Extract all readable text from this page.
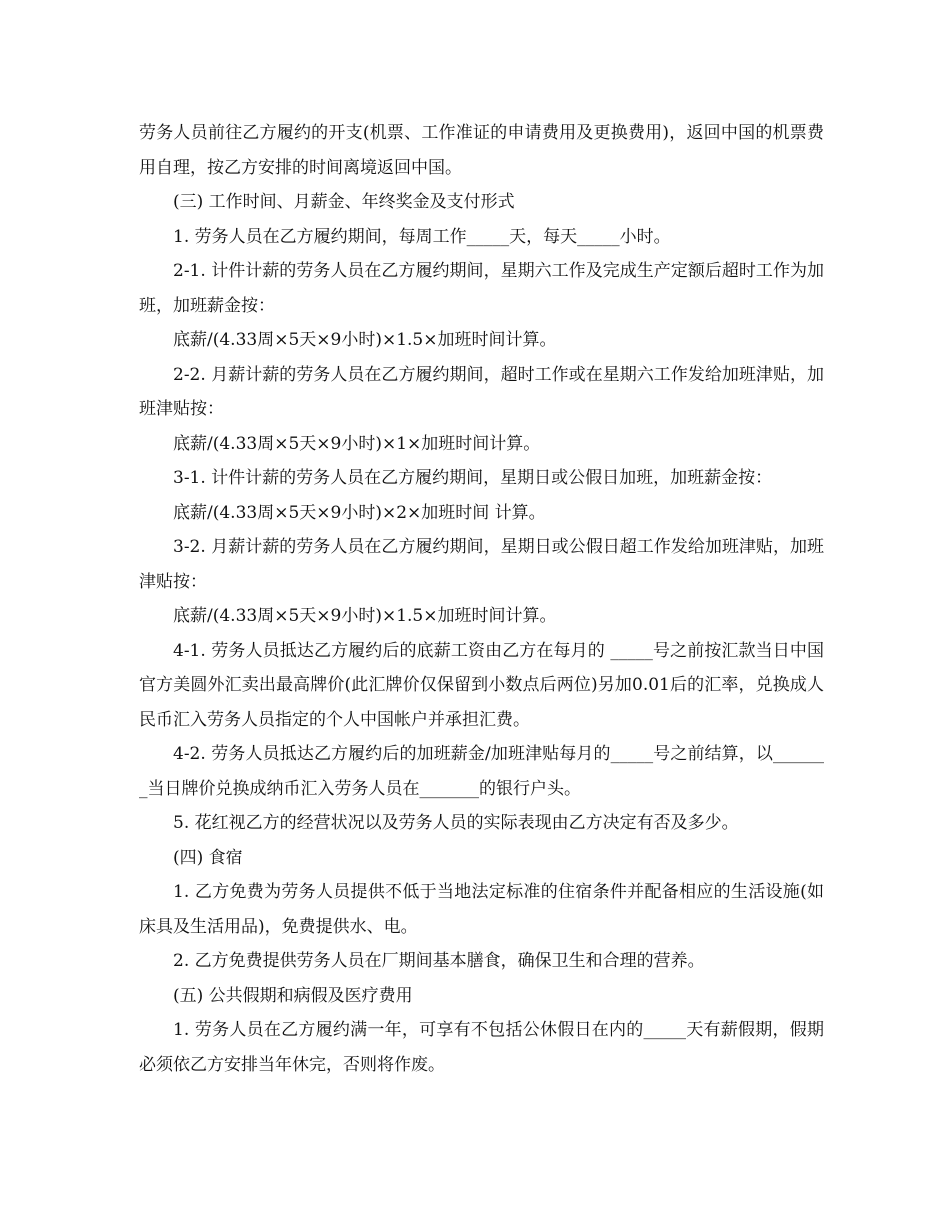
劳务人员前往乙方履约的开支(机票、工作准证的申请费用及更换费用)，返回中国的机票费用自理，按乙方安排的时间离境返回中国。

(三) 工作时间、月薪金、年终奖金及支付形式

1. 劳务人员在乙方履约期间，每周工作_____天，每天_____小时。

2-1. 计件计薪的劳务人员在乙方履约期间，星期六工作及完成生产定额后超时工作为加班，加班薪金按：

底薪/(4.33周×5天×9小时)×1.5×加班时间计算。

2-2. 月薪计薪的劳务人员在乙方履约期间，超时工作或在星期六工作发给加班津贴，加班津贴按：

底薪/(4.33周×5天×9小时)×1×加班时间计算。

3-1. 计件计薪的劳务人员在乙方履约期间，星期日或公假日加班，加班薪金按：

底薪/(4.33周×5天×9小时)×2×加班时间 计算。

3-2. 月薪计薪的劳务人员在乙方履约期间，星期日或公假日超工作发给加班津贴，加班津贴按：

底薪/(4.33周×5天×9小时)×1.5×加班时间计算。

4-1. 劳务人员抵达乙方履约后的底薪工资由乙方在每月的 _____号之前按汇款当日中国官方美圆外汇卖出最高牌价(此汇牌价仅保留到小数点后两位)另加0.01后的汇率，兑换成人民币汇入劳务人员指定的个人中国帐户并承担汇费。

4-2. 劳务人员抵达乙方履约后的加班薪金/加班津贴每月的_____号之前结算，以_______当日牌价兑换成纳币汇入劳务人员在_______的银行户头。

5. 花红视乙方的经营状况以及劳务人员的实际表现由乙方决定有否及多少。

(四) 食宿

1. 乙方免费为劳务人员提供不低于当地法定标准的住宿条件并配备相应的生活设施(如床具及生活用品)，免费提供水、电。

2. 乙方免费提供劳务人员在厂期间基本膳食，确保卫生和合理的营养。

(五) 公共假期和病假及医疗费用

1. 劳务人员在乙方履约满一年，可享有不包括公休假日在内的_____天有薪假期，假期必须依乙方安排当年休完，否则将作废。
